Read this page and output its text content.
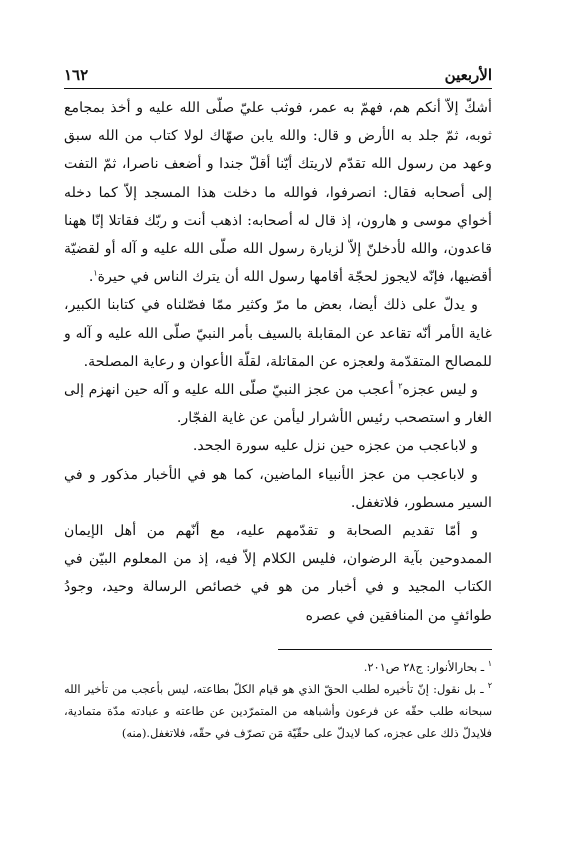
١٦٢	الأربعين

أشكّ إلاّ أنكم هم، فهمّ به عمر، فوثب عليّ صلّى الله عليه و أخذ بمجامع ثوبه، ثمّ جلد به الأرض و قال: والله يابن صهّاك لولا كتاب من الله سبق وعهد من رسول الله تقدّم لاريتك أيّنا أقلّ جندا و أضعف ناصرا، ثمّ التفت إلى أصحابه فقال: انصرفوا، فوالله ما دخلت هذا المسجد إلاّ كما دخله أخواي موسى و هارون، إذ قال له أصحابه: اذهب أنت و ربّك فقاتلا إنّا ههنا قاعدون، والله لأدخلنّ إلاّ لزيارة رسول الله صلّى الله عليه و آله أو لقضيّة أقضيها، فإنّه لايجوز لحجّة أقامها رسول الله أن يترك الناس في حيرة$^١$.

و يدلّ على ذلك أيضا، بعض ما مرّ وكثير ممّا فصّلناه في كتابنا الكبير، غاية الأمر أنّه تقاعد عن المقابلة بالسيف بأمر النبيّ صلّى الله عليه و آله و للمصالح المتقدّمة ولعجزه عن المقاتلة، لقلّة الأعوان و رعاية المصلحة.

و ليس عجزه$^٢$ أعجب من عجز النبيّ صلّى الله عليه و آله حين انهزم إلى الغار و استصحب رئيس الأشرار ليأمن عن غاية الفجّار.

و لاباعجب من عجزه حين نزل عليه سورة الجحد.

و لاباعجب من عجز الأنبياء الماضين، كما هو في الأخبار مذكور و في السير مسطور، فلاتغفل.

و أمّا تقديم الصحابة و تقدّمهم عليه، مع أنّهم من أهل الإيمان الممدوحين بآية الرضوان، فليس الكلام إلاّ فيه، إذ من المعلوم البيّن في الكتاب المجيد و في أخبار من هو في خصائص الرسالة وحيد، وجودُ طوائفٍ من المنافقين في عصره

$^١$ ـ بحارالأنوار: ج٢٨ ص٢٠١.

$^٢$ ـ بل نقول: إنّ تأخيره لطلب الحقّ الذي هو قيام الكلّ بطاعته، ليس بأعجب من تأخير الله سبحانه طلب حقّه عن فرعون وأشباهه من المتمرّدين عن طاعته و عبادته مدّة متمادية، فلايدلّ ذلك على عجزه، كما لايدلّ على حقّيّة مَن تصرّف في حقّه، فلاتغفل.(منه)
